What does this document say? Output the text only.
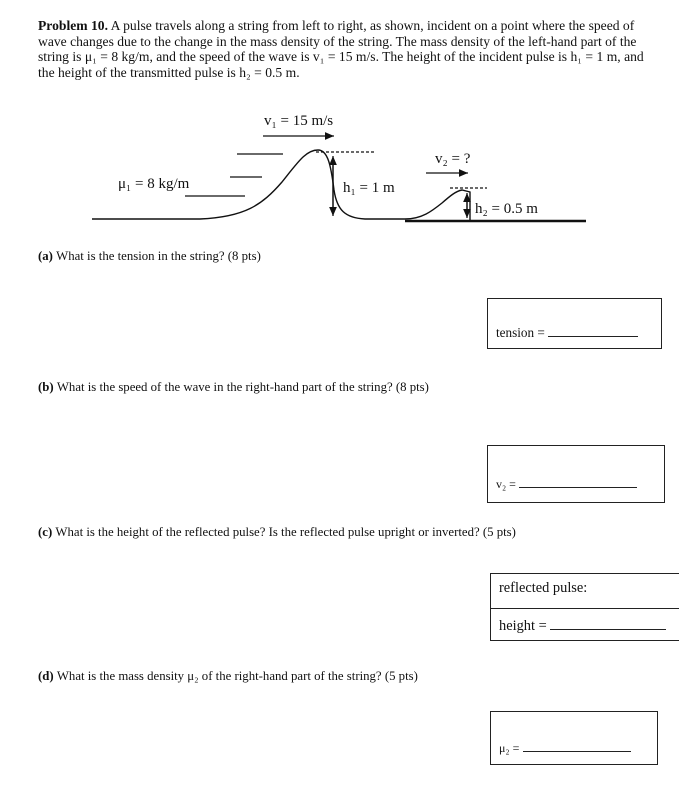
Problem 10. A pulse travels along a string from left to right, as shown, incident on a point where the speed of wave changes due to the change in the mass density of the string. The mass density of the left-hand part of the string is μ₁ = 8 kg/m, and the speed of the wave is v₁ = 15 m/s. The height of the incident pulse is h₁ = 1 m, and the height of the transmitted pulse is h₂ = 0.5 m.
v₁ = 15 m/s
μ₁ = 8 kg/m	h₁ = 1 m
v₂ = ?
h₂ = 0.5 m
(a) What is the tension in the string? (8 pts)
tension =
(b) What is the speed of the wave in the right-hand part of the string? (8 pts)
v₂ =
(c) What is the height of the reflected pulse? Is the reflected pulse upright or inverted? (5 pts)
reflected pulse:
height =
(d) What is the mass density μ₂ of the right-hand part of the string? (5 pts)
μ₂ =
